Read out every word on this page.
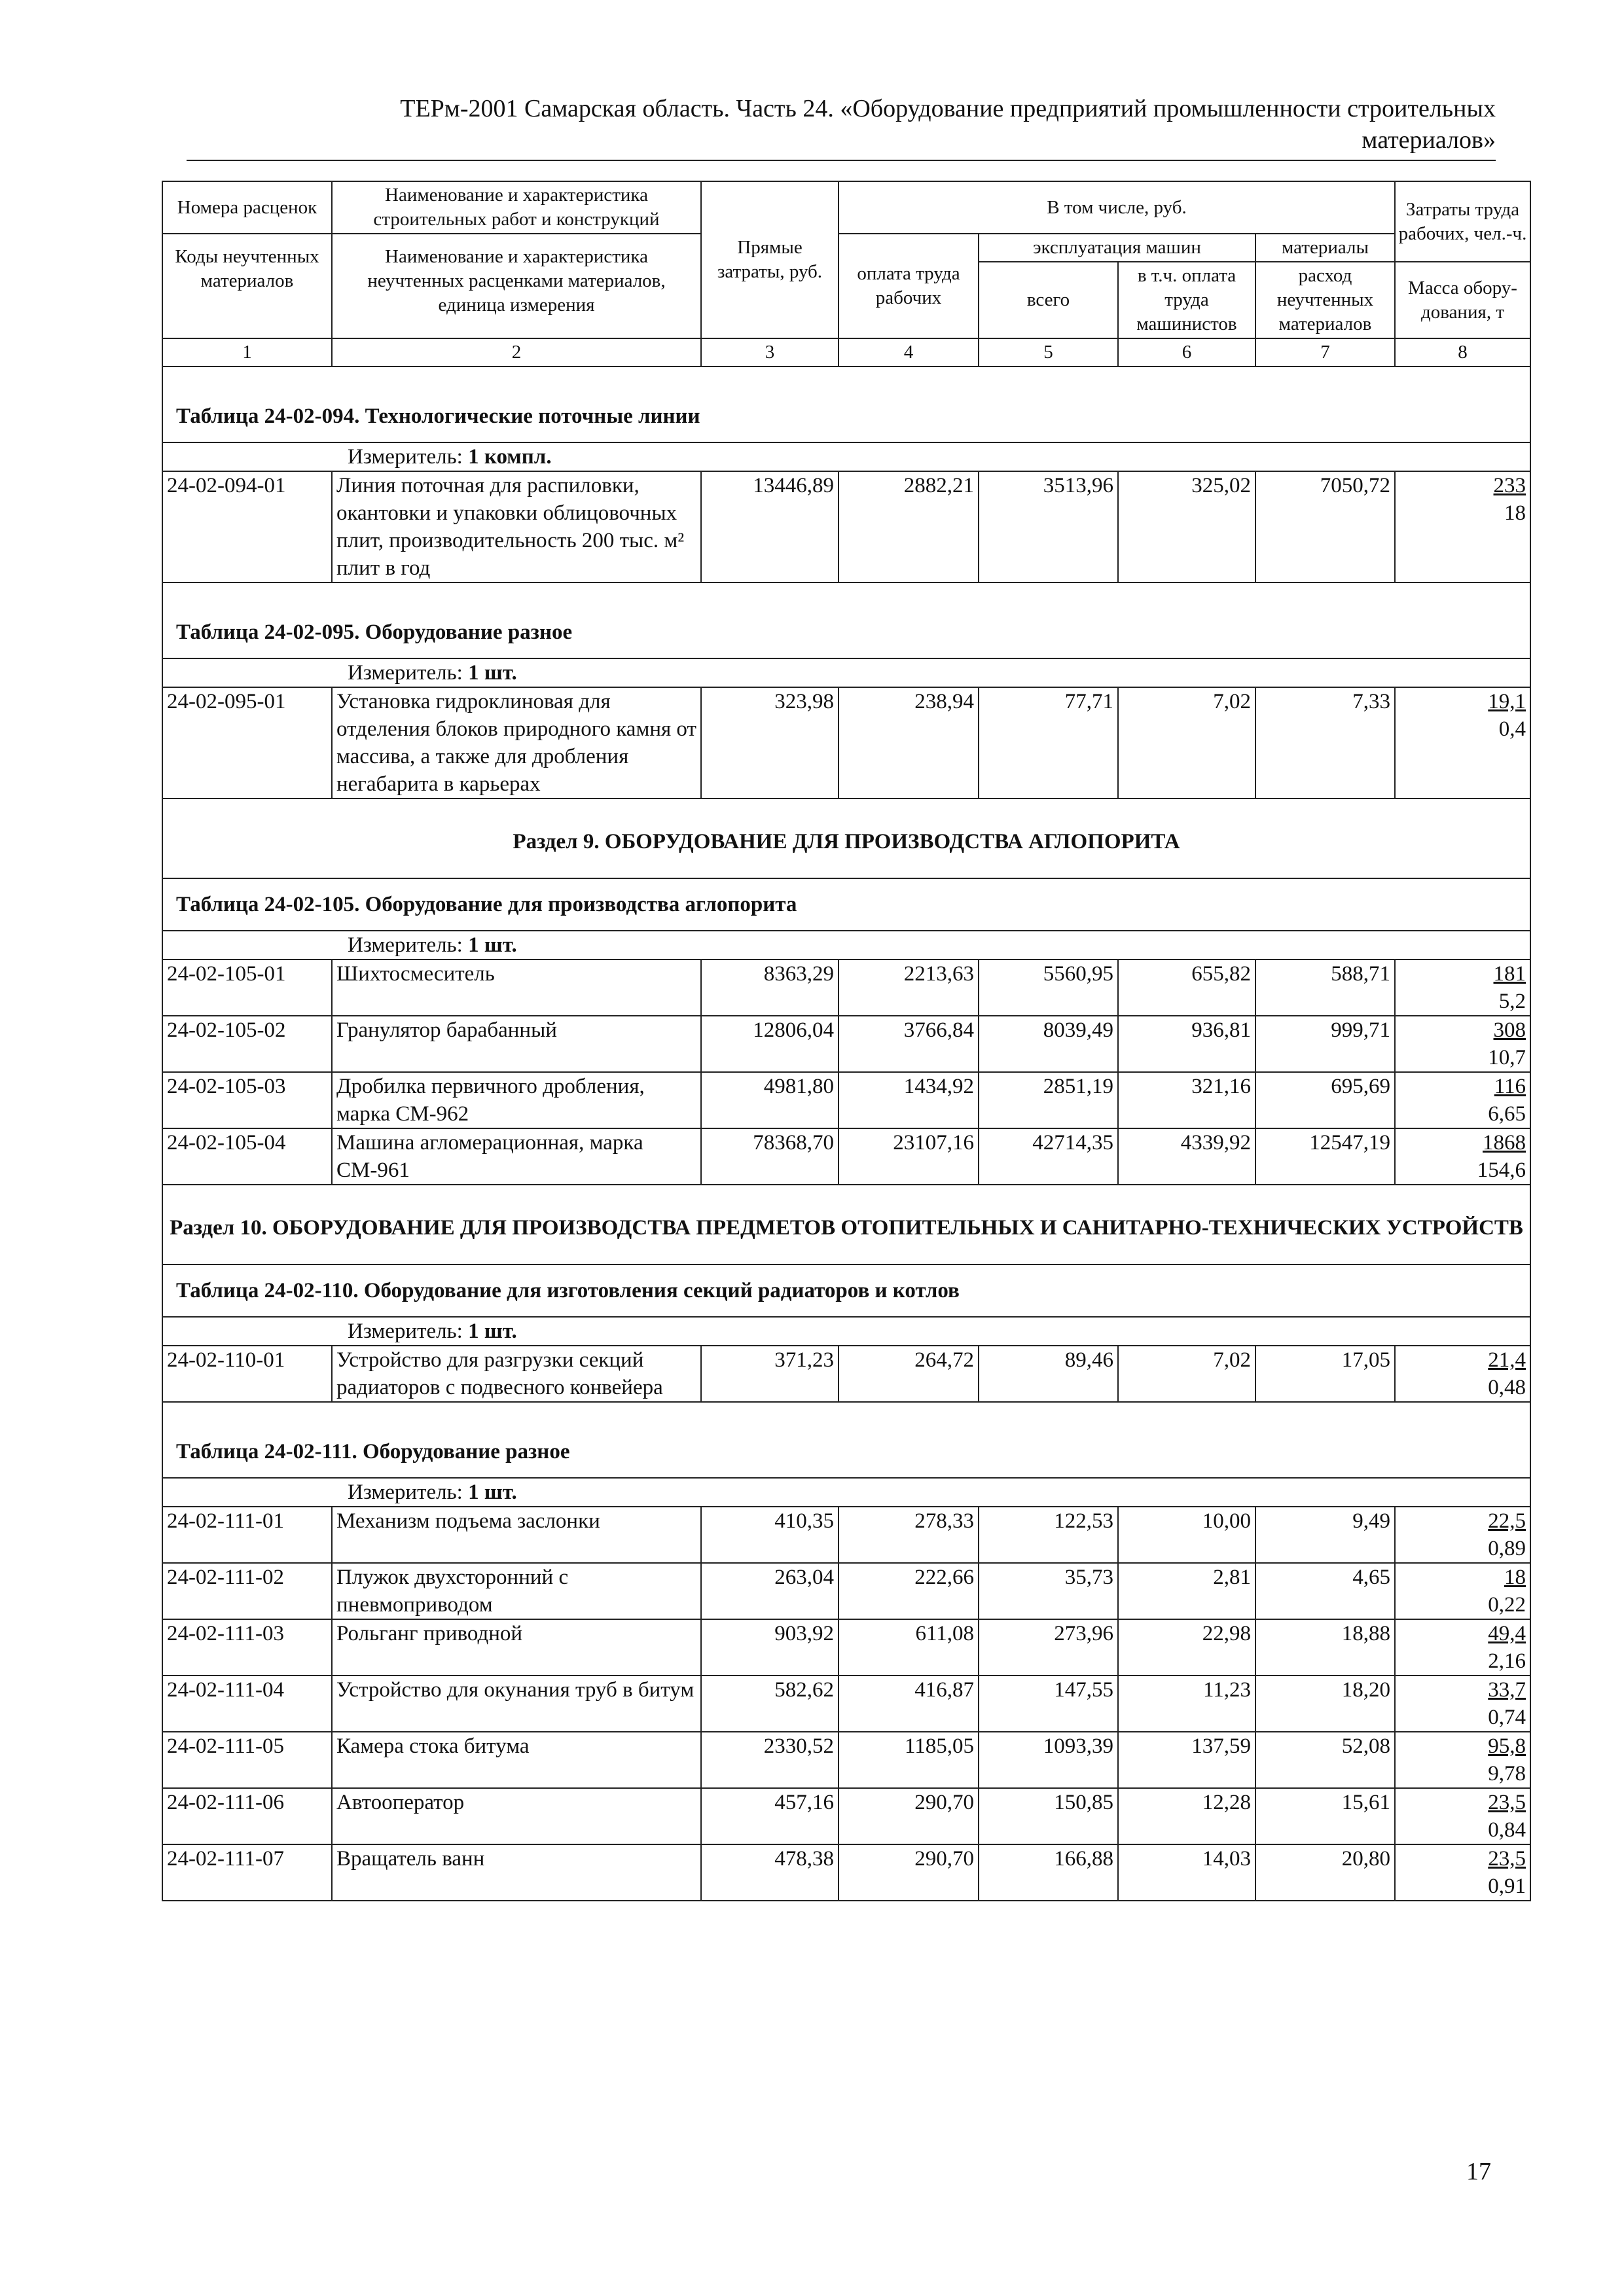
ТЕРм-2001 Самарская область. Часть 24. «Оборудование предприятий промышленности строительных
материалов»
Номера расценок	Наименование и характеристика строительных работ и конструкций	Прямые затраты, руб.	В том числе, руб.				Затраты труда рабочих, чел.-ч.

Коды неучтенных материалов	Наименование и характеристика неучтенных расценками материалов, единица измерения		оплата труда рабочих	эксплуатация машин		материалы	
				всего	в т.ч. оплата труда машинистов	расход неучтенных материалов	Масса обору-дования, т
1	2	3	4	5	6	7	8
Таблица 24-02-094. Технологические поточные линии							
Измеритель: 1 компл.							
24-02-094-01	Линия поточная для распиловки, окантовки и упаковки облицовочных плит, производительность 200 тыс. м² плит в год	13446,89	2882,21	3513,96	325,02	7050,72	233
18

Таблица 24-02-095. Оборудование разное							
Измеритель: 1 шт.							
24-02-095-01	Установка гидроклиновая для отделения блоков природного камня от массива, а также для дробления негабарита в карьерах	323,98	238,94	77,71	7,02	7,33	19,1
0,4

Раздел 9. ОБОРУДОВАНИЕ ДЛЯ ПРОИЗВОДСТВА АГЛОПОРИТА							
Таблица 24-02-105. Оборудование для производства аглопорита							
Измеритель: 1 шт.							
24-02-105-01	Шихтосмеситель	8363,29	2213,63	5560,95	655,82	588,71	181
5,2

24-02-105-02	Гранулятор барабанный	12806,04	3766,84	8039,49	936,81	999,71	308
10,7

24-02-105-03	Дробилка первичного дробления, марка СМ-962	4981,80	1434,92	2851,19	321,16	695,69	116
6,65

24-02-105-04	Машина агломерационная, марка СМ-961	78368,70	23107,16	42714,35	4339,92	12547,19	1868
154,6

Раздел 10. ОБОРУДОВАНИЕ ДЛЯ ПРОИЗВОДСТВА ПРЕДМЕТОВ ОТОПИТЕЛЬНЫХ И САНИТАРНО-ТЕХНИЧЕСКИХ УСТРОЙСТВ							
Таблица 24-02-110. Оборудование для изготовления секций радиаторов и котлов							
Измеритель: 1 шт.							
24-02-110-01	Устройство для разгрузки секций радиаторов с подвесного конвейера	371,23	264,72	89,46	7,02	17,05	21,4
0,48

Таблица 24-02-111. Оборудование разное							
Измеритель: 1 шт.							
24-02-111-01	Механизм подъема заслонки	410,35	278,33	122,53	10,00	9,49	22,5
0,89

24-02-111-02	Плужок двухсторонний с пневмоприводом	263,04	222,66	35,73	2,81	4,65	18
0,22

24-02-111-03	Рольганг приводной	903,92	611,08	273,96	22,98	18,88	49,4
2,16

24-02-111-04	Устройство для окунания труб в битум	582,62	416,87	147,55	11,23	18,20	33,7
0,74

24-02-111-05	Камера стока битума	2330,52	1185,05	1093,39	137,59	52,08	95,8
9,78

24-02-111-06	Автооператор	457,16	290,70	150,85	12,28	15,61	23,5
0,84

24-02-111-07	Вращатель ванн	478,38	290,70	166,88	14,03	20,80	23,5
0,91
17
